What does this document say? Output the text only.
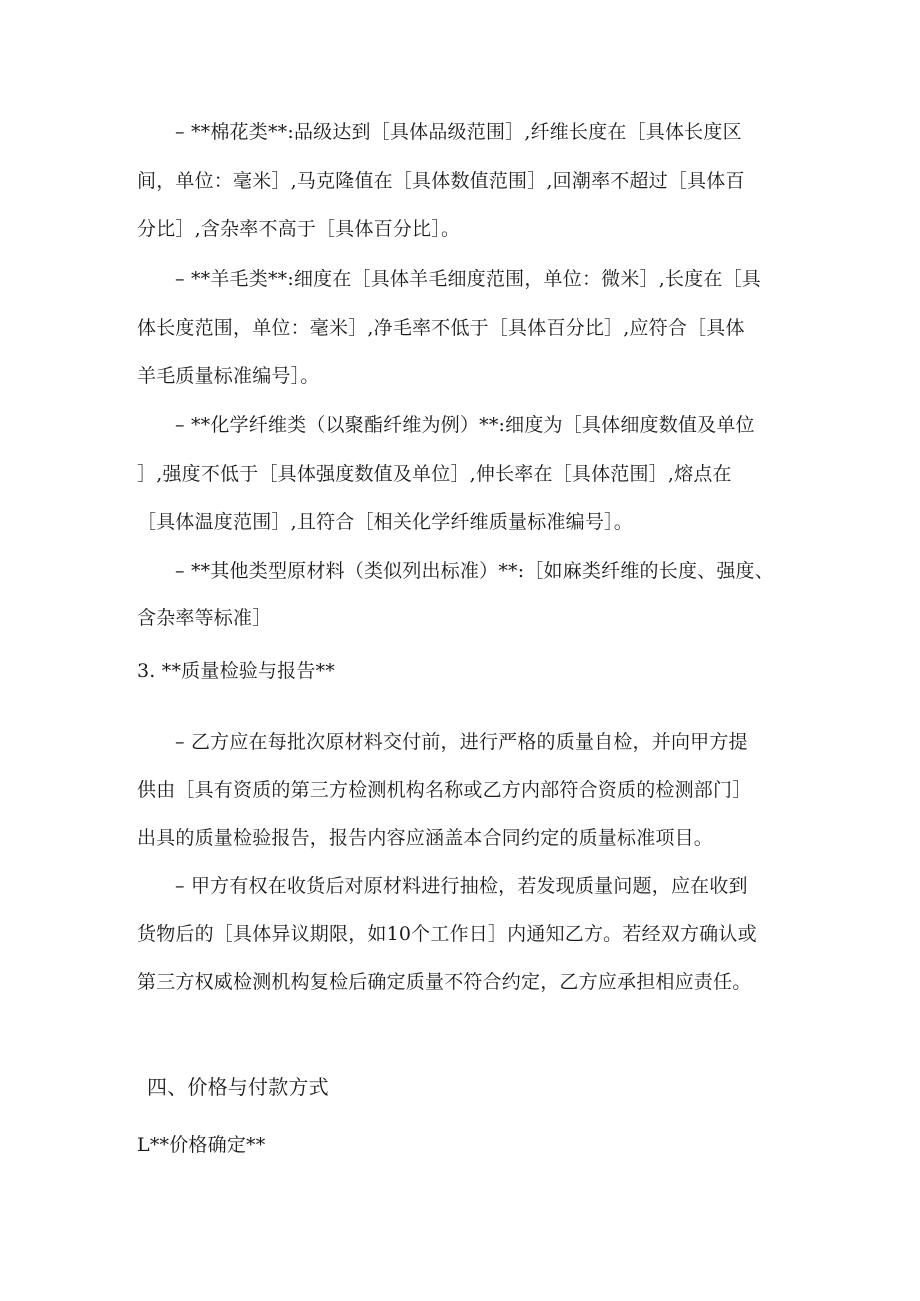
– **棉花类**:品级达到［具体品级范围］,纤维长度在［具体长度区
间，单位：毫米］,马克隆值在［具体数值范围］,回潮率不超过［具体百
分比］,含杂率不高于［具体百分比］。
– **羊毛类**:细度在［具体羊毛细度范围，单位：微米］,长度在［具
体长度范围，单位：毫米］,净毛率不低于［具体百分比］,应符合［具体
羊毛质量标准编号］。
– **化学纤维类（以聚酯纤维为例）**:细度为［具体细度数值及单位
］,强度不低于［具体强度数值及单位］,伸长率在［具体范围］,熔点在
［具体温度范围］,且符合［相关化学纤维质量标准编号］。
– **其他类型原材料（类似列出标准）**:［如麻类纤维的长度、强度、
含杂率等标准］
3. **质量检验与报告**
– 乙方应在每批次原材料交付前，进行严格的质量自检，并向甲方提
供由［具有资质的第三方检测机构名称或乙方内部符合资质的检测部门］
出具的质量检验报告，报告内容应涵盖本合同约定的质量标准项目。
– 甲方有权在收货后对原材料进行抽检，若发现质量问题，应在收到
货物后的［具体异议期限，如10个工作日］内通知乙方。若经双方确认或
第三方权威检测机构复检后确定质量不符合约定，乙方应承担相应责任。
四、价格与付款方式
L**价格确定**
